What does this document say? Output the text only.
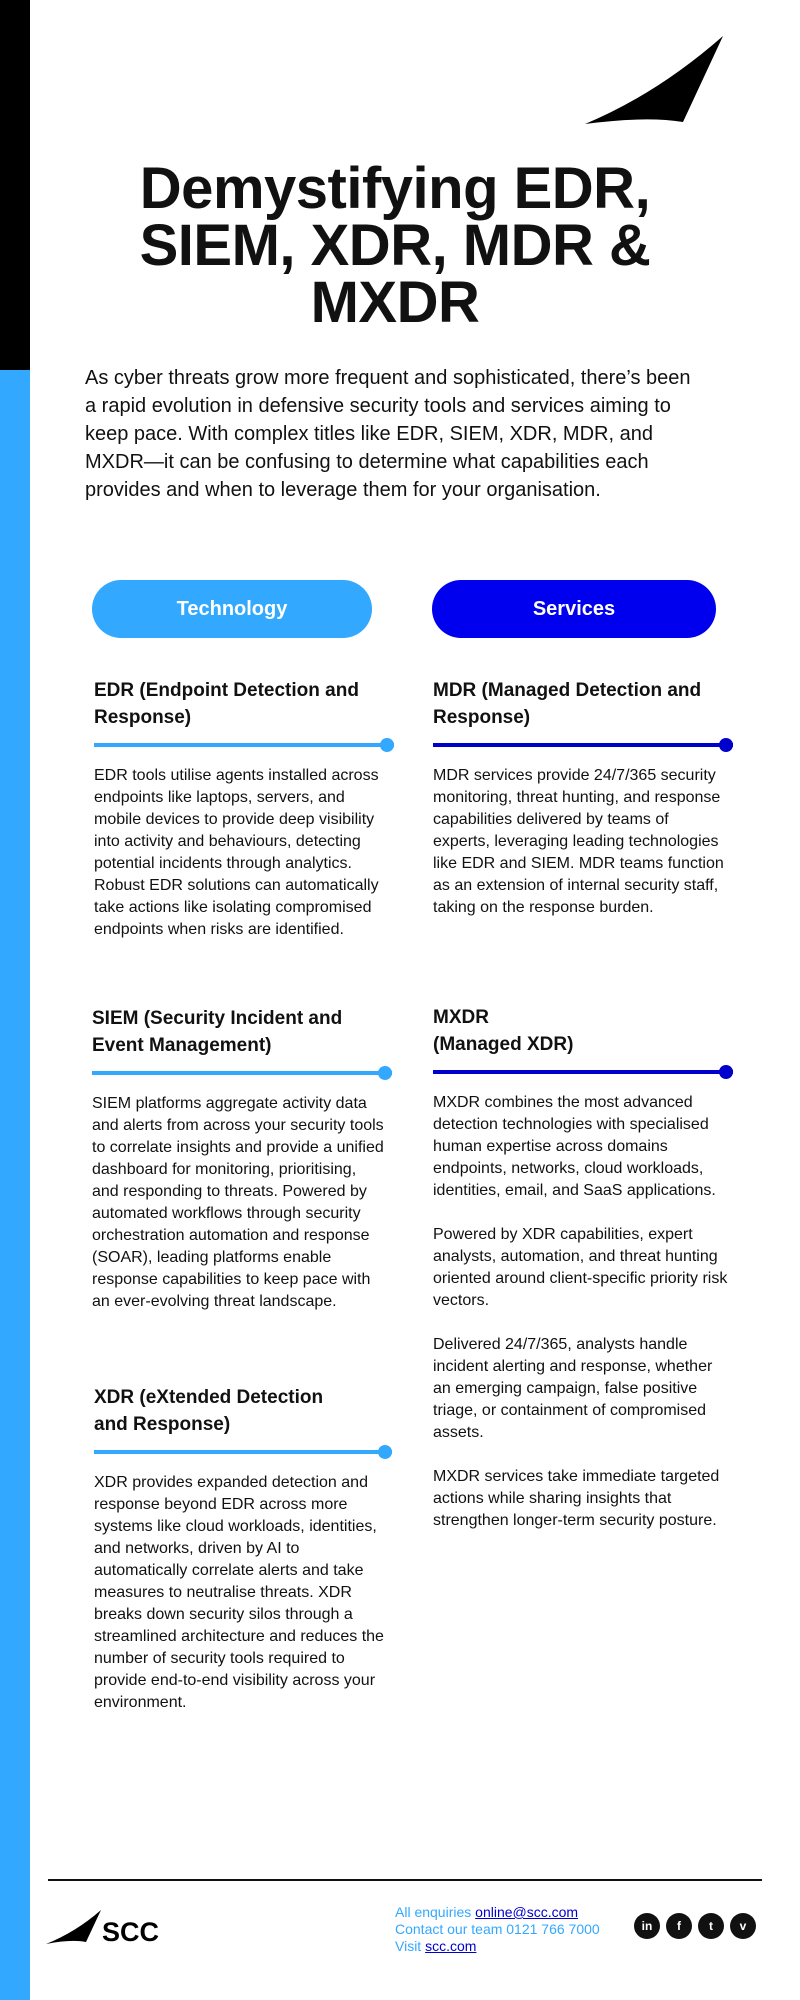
Demystifying EDR, SIEM, XDR, MDR & MXDR

As cyber threats grow more frequent and sophisticated, there’s been a rapid evolution in defensive security tools and services aiming to keep pace. With complex titles like EDR, SIEM, XDR, MDR, and MXDR—it can be confusing to determine what capabilities each provides and when to leverage them for your organisation.

Technology	Services
EDR (Endpoint Detection and Response)

EDR tools utilise agents installed across endpoints like laptops, servers, and mobile devices to provide deep visibility into activity and behaviours, detecting potential incidents through analytics. Robust EDR solutions can automatically take actions like isolating compromised endpoints when risks are identified.

SIEM (Security Incident and Event Management)

SIEM platforms aggregate activity data and alerts from across your security tools to correlate insights and provide a unified dashboard for monitoring, prioritising, and responding to threats. Powered by automated workflows through security orchestration automation and response (SOAR), leading platforms enable response capabilities to keep pace with an ever-evolving threat landscape.

XDR (eXtended Detection and Response)

XDR provides expanded detection and response beyond EDR across more systems like cloud workloads, identities, and networks, driven by AI to automatically correlate alerts and take measures to neutralise threats. XDR breaks down security silos through a streamlined architecture and reduces the number of security tools required to provide end-to-end visibility across your environment.

MDR (Managed Detection and Response)

MDR services provide 24/7/365 security monitoring, threat hunting, and response capabilities delivered by teams of experts, leveraging leading technologies like EDR and SIEM. MDR teams function as an extension of internal security staff, taking on the response burden.

MXDR
(Managed XDR)

MXDR combines the most advanced detection technologies with specialised human expertise across domains endpoints, networks, cloud workloads, identities, email, and SaaS applications.

Powered by XDR capabilities, expert analysts, automation, and threat hunting oriented around client-specific priority risk vectors.

Delivered 24/7/365, analysts handle incident alerting and response, whether an emerging campaign, false positive triage, or containment of compromised assets.

MXDR services take immediate targeted actions while sharing insights that strengthen longer-term security posture.

SCC
All enquiries online@scc.com
Contact our team 0121 766 7000
Visit scc.com
in	f	t	v
